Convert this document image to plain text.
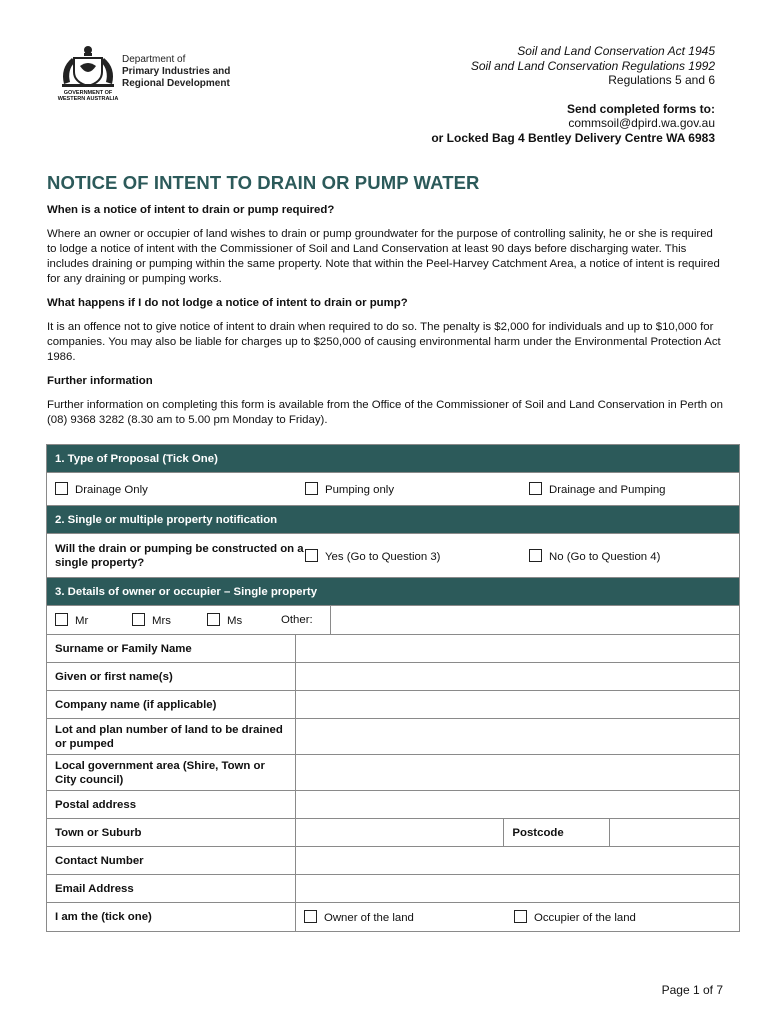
Department of
Primary Industries and
Regional Development
GOVERNMENT OF
WESTERN AUSTRALIA
Soil and Land Conservation Act 1945
Soil and Land Conservation Regulations 1992
Regulations 5 and 6
Send completed forms to:
commsoil@dpird.wa.gov.au
or Locked Bag 4 Bentley Delivery Centre WA 6983
NOTICE OF INTENT TO DRAIN OR PUMP WATER
When is a notice of intent to drain or pump required?

Where an owner or occupier of land wishes to drain or pump groundwater for the purpose of controlling salinity, he or she is required to lodge a notice of intent with the Commissioner of Soil and Land Conservation at least 90 days before discharging water. This includes draining or pumping within the same property. Note that within the Peel-Harvey Catchment Area, a notice of intent is required for any draining or pumping works.

What happens if I do not lodge a notice of intent to drain or pump?

It is an offence not to give notice of intent to drain when required to do so. The penalty is $2,000 for individuals and up to $10,000 for companies. You may also be liable for charges up to $250,000 of causing environmental harm under the Environmental Protection Act 1986.

Further information

Further information on completing this form is available from the Office of the Commissioner of Soil and Land Conservation in Perth on (08) 9368 3282 (8.30 am to 5.00 pm Monday to Friday).

1. Type of Proposal (Tick One)				

Drainage Only Pumping only Drainage and Pumping				

2. Single or multiple property notification				

Will the drain or pumping be constructed on a single property? Yes (Go to Question 3) No (Go to Question 4)				

3. Details of owner or occupier – Single property				

Mr Mrs Ms Other:				

Surname or Family Name				
Given or first name(s)				
Company name (if applicable)				
Lot and plan number of land to be drained or pumped				
Local government area (Shire, Town or City council)				
Postal address				
Town or Suburb			Postcode	
Contact Number				
Email Address				
I am the (tick one)	Owner of the land Occupier of the land			
Page 1 of 7
